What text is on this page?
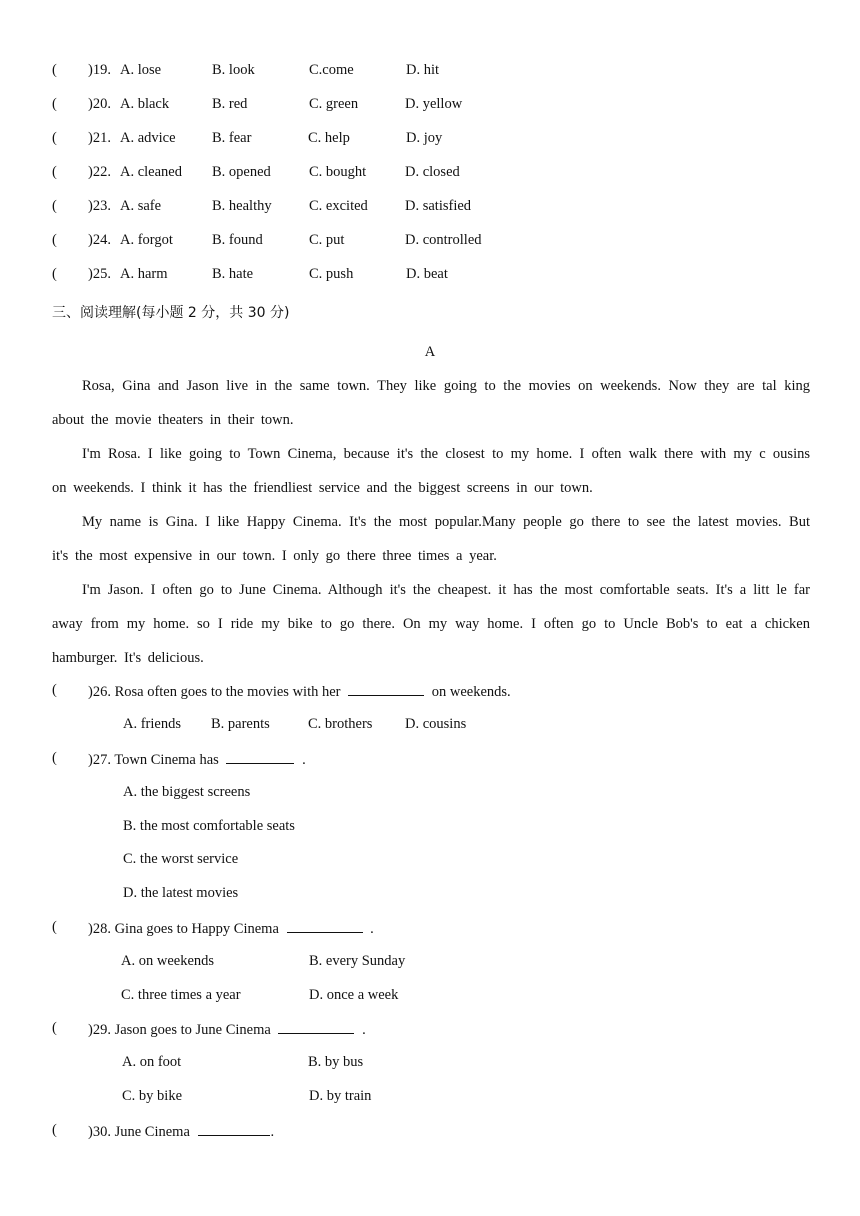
( )19. A. lose	B. look	C.come	D. hit
( )20. A. black	B. red	C. green	D. yellow
( )21. A. advice	B. fear	C. help	D. joy
( )22. A. cleaned B. opened	C. bought	D. closed
( )23. A. safe	B. healthy	C. excited	D. satisfied
( )24. A. forgot	B. found	C. put	D. controlled
( )25. A. harm	B. hate	C. push	D. beat
三、阅读理解(每小题 2 分，共 30 分)
A
Rosa, Gina and Jason live in the same town. They like going to the movies on weekends. Now they are tal king about the movie theaters in their town.
I'm Rosa. I like going to Town Cinema, because it's the closest to my home. I often walk there with my c ousins on weekends. I think it has the friendliest service and the biggest screens in our town.
My name is Gina. I like Happy Cinema. It's the most popular.Many people go there to see the latest movies. But it's the most expensive in our town. I only go there three times a year.
I'm Jason. I often go to June Cinema. Although it's the cheapest. it has the most comfortable seats. It's a litt le far away from my home. so I ride my bike to go there. On my way home. I often go to Uncle Bob's to eat a chicken hamburger. It's delicious.
( )26. Rosa often goes to the movies with her	on weekends.
A. friends B. parents	C. brothers D. cousins
( )27. Town Cinema has	.
A. the biggest screens
B. the most comfortable seats
C. the worst service
D. the latest movies
( )28. Gina goes to Happy Cinema	.
A. on weekends	B. every Sunday
C. three times a year	D. once a week
( )29. Jason goes to June Cinema	.
A. on foot	B. by bus
C. by bike	D. by train
( )30. June Cinema	.
